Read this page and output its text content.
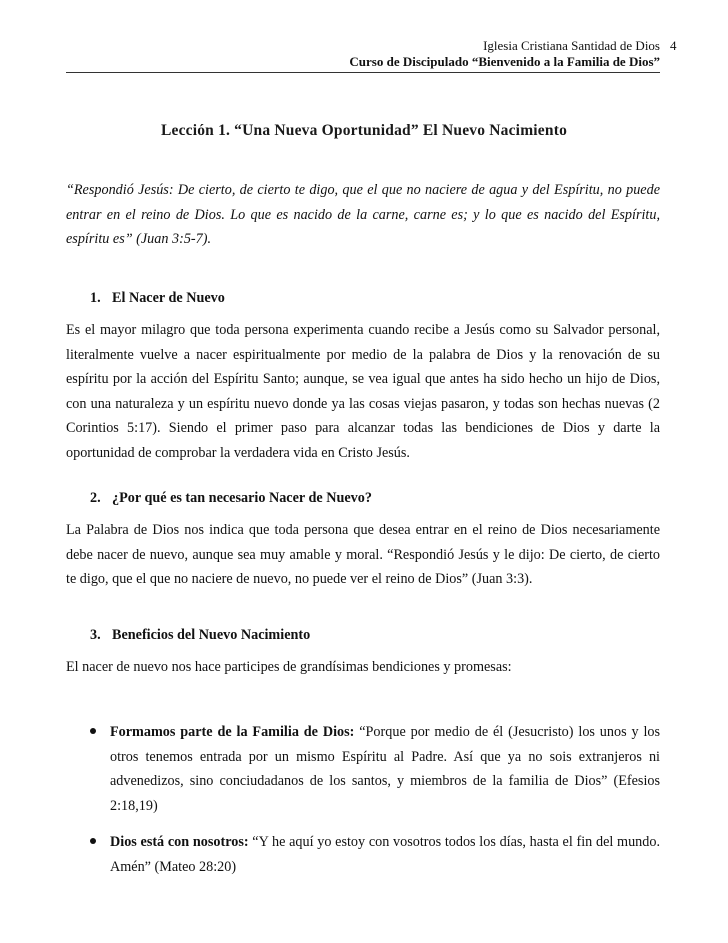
Iglesia Cristiana Santidad de Dios
Curso de Discipulado “Bienvenido a la Familia de Dios”
4
Lección 1. “Una Nueva Oportunidad” El Nuevo Nacimiento

“Respondió Jesús: De cierto, de cierto te digo, que el que no naciere de agua y del Espíritu, no puede entrar en el reino de Dios. Lo que es nacido de la carne, carne es; y lo que es nacido del Espíritu, espíritu es” (Juan 3:5-7).

1. El Nacer de Nuevo

Es el mayor milagro que toda persona experimenta cuando recibe a Jesús como su Salvador personal, literalmente vuelve a nacer espiritualmente por medio de la palabra de Dios y la renovación de su espíritu por la acción del Espíritu Santo; aunque, se vea igual que antes ha sido hecho un hijo de Dios, con una naturaleza y un espíritu nuevo donde ya las cosas viejas pasaron, y todas son hechas nuevas (2 Corintios 5:17). Siendo el primer paso para alcanzar todas las bendiciones de Dios y darte la oportunidad de comprobar la verdadera vida en Cristo Jesús.

2. ¿Por qué es tan necesario Nacer de Nuevo?

La Palabra de Dios nos indica que toda persona que desea entrar en el reino de Dios necesariamente debe nacer de nuevo, aunque sea muy amable y moral. “Respondió Jesús y le dijo: De cierto, de cierto te digo, que el que no naciere de nuevo, no puede ver el reino de Dios” (Juan 3:3).

3. Beneficios del Nuevo Nacimiento

El nacer de nuevo nos hace participes de grandísimas bendiciones y promesas:

Formamos parte de la Familia de Dios: “Porque por medio de él (Jesucristo) los unos y los otros tenemos entrada por un mismo Espíritu al Padre. Así que ya no sois extranjeros ni advenedizos, sino conciudadanos de los santos, y miembros de la familia de Dios” (Efesios 2:18,19)

Dios está con nosotros: “Y he aquí yo estoy con vosotros todos los días, hasta el fin del mundo. Amén” (Mateo 28:20)
